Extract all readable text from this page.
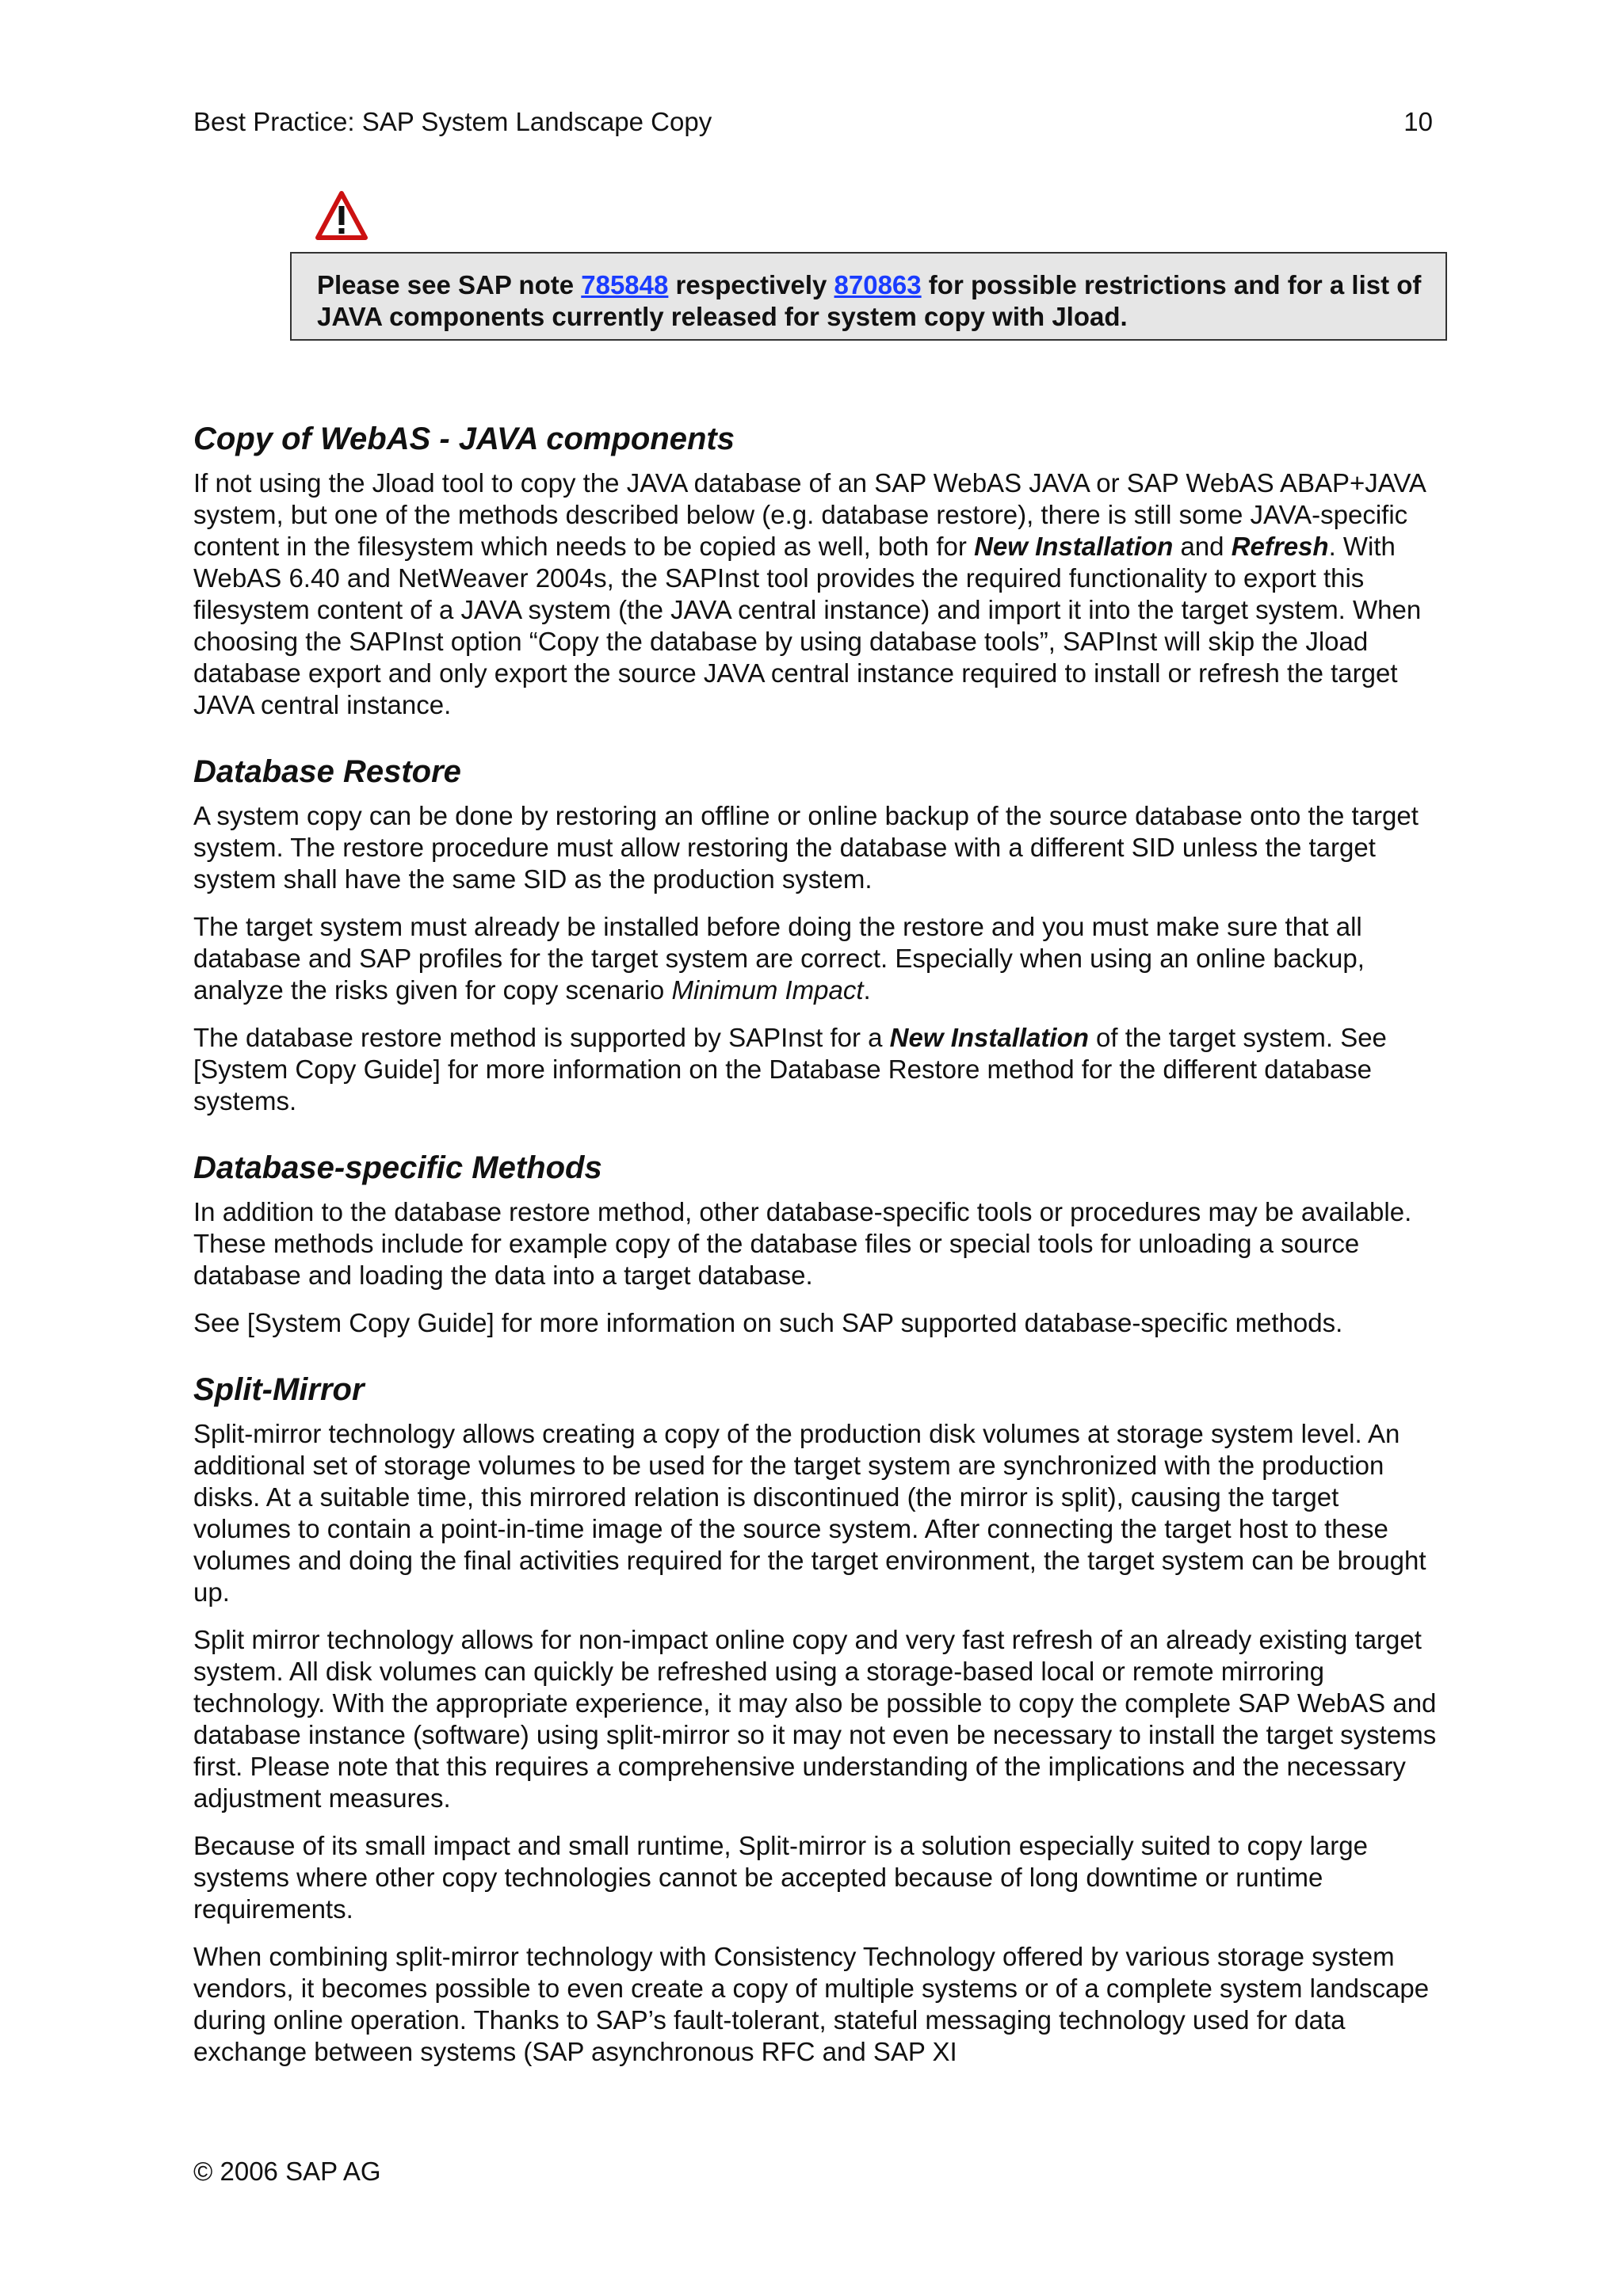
Best Practice: SAP System Landscape Copy	10
Please see SAP note 785848 respectively 870863 for possible restrictions and for a list of JAVA components currently released for system copy with Jload.
Copy of WebAS - JAVA components

If not using the Jload tool to copy the JAVA database of an SAP WebAS JAVA or SAP WebAS ABAP+JAVA system, but one of the methods described below (e.g. database restore), there is still some JAVA-specific content in the filesystem which needs to be copied as well, both for New Installation and Refresh. With WebAS 6.40 and NetWeaver 2004s, the SAPInst tool provides the required functionality to export this filesystem content of a JAVA system (the JAVA central instance) and import it into the target system. When choosing the SAPInst option “Copy the database by using database tools”, SAPInst will skip the Jload database export and only export the source JAVA central instance required to install or refresh the target JAVA central instance.

Database Restore

A system copy can be done by restoring an offline or online backup of the source database onto the target system. The restore procedure must allow restoring the database with a different SID unless the target system shall have the same SID as the production system.

The target system must already be installed before doing the restore and you must make sure that all database and SAP profiles for the target system are correct. Especially when using an online backup, analyze the risks given for copy scenario Minimum Impact.

The database restore method is supported by SAPInst for a New Installation of the target system. See [System Copy Guide] for more information on the Database Restore method for the different database systems.

Database-specific Methods

In addition to the database restore method, other database-specific tools or procedures may be available. These methods include for example copy of the database files or special tools for unloading a source database and loading the data into a target database.

See [System Copy Guide] for more information on such SAP supported database-specific methods.

Split-Mirror

Split-mirror technology allows creating a copy of the production disk volumes at storage system level. An additional set of storage volumes to be used for the target system are synchronized with the production disks. At a suitable time, this mirrored relation is discontinued (the mirror is split), causing the target volumes to contain a point-in-time image of the source system. After connecting the target host to these volumes and doing the final activities required for the target environment, the target system can be brought up.

Split mirror technology allows for non-impact online copy and very fast refresh of an already existing target system. All disk volumes can quickly be refreshed using a storage-based local or remote mirroring technology. With the appropriate experience, it may also be possible to copy the complete SAP WebAS and database instance (software) using split-mirror so it may not even be necessary to install the target systems first. Please note that this requires a comprehensive understanding of the implications and the necessary adjustment measures.

Because of its small impact and small runtime, Split-mirror is a solution especially suited to copy large systems where other copy technologies cannot be accepted because of long downtime or runtime requirements.

When combining split-mirror technology with Consistency Technology offered by various storage system vendors, it becomes possible to even create a copy of multiple systems or of a complete system landscape during online operation. Thanks to SAP’s fault-tolerant, stateful messaging technology used for data exchange between systems (SAP asynchronous RFC and SAP XI

© 2006 SAP AG
